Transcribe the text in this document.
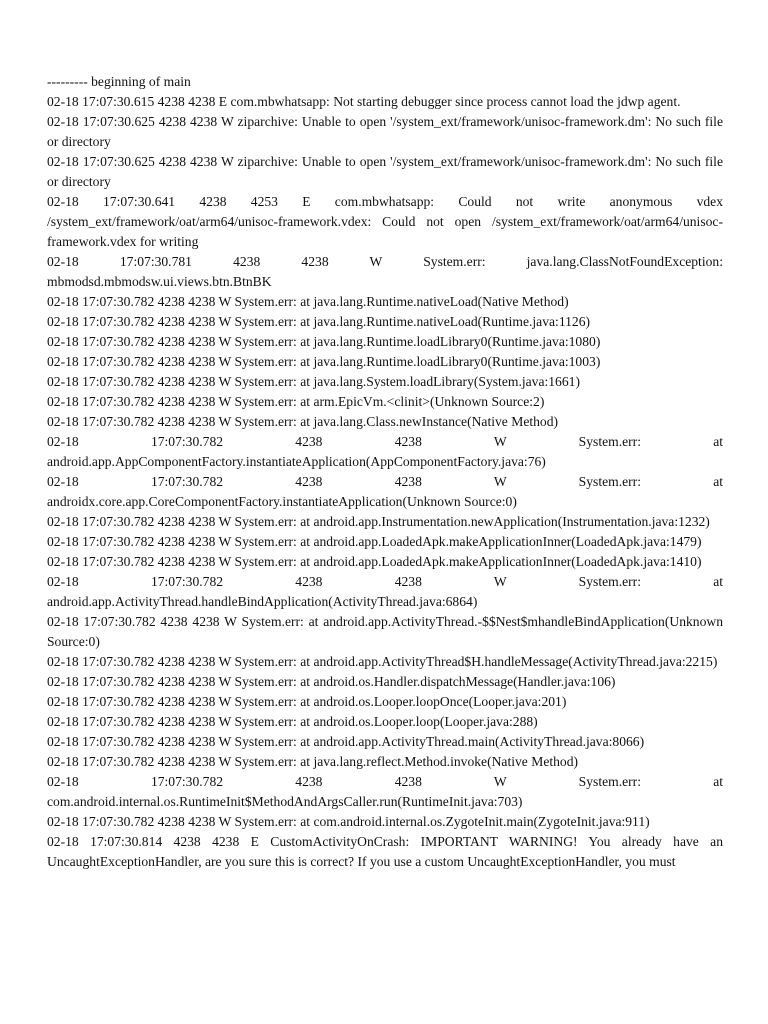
--------- beginning of main

02-18 17:07:30.615 4238 4238 E com.mbwhatsapp: Not starting debugger since process cannot load the jdwp agent.

02-18 17:07:30.625 4238 4238 W ziparchive: Unable to open '/system_ext/framework/unisoc-framework.dm': No such file or directory

02-18 17:07:30.625 4238 4238 W ziparchive: Unable to open '/system_ext/framework/unisoc-framework.dm': No such file or directory

02-18 17:07:30.641 4238 4253 E com.mbwhatsapp: Could not write anonymous vdex /system_ext/framework/oat/arm64/unisoc-framework.vdex: Could not open /system_ext/framework/oat/arm64/unisoc-framework.vdex for writing

02-18 17:07:30.781 4238 4238 W System.err: java.lang.ClassNotFoundException: mbmodsd.mbmodsw.ui.views.btn.BtnBK

02-18 17:07:30.782 4238 4238 W System.err: at java.lang.Runtime.nativeLoad(Native Method)

02-18 17:07:30.782 4238 4238 W System.err: at java.lang.Runtime.nativeLoad(Runtime.java:1126)

02-18 17:07:30.782 4238 4238 W System.err: at java.lang.Runtime.loadLibrary0(Runtime.java:1080)

02-18 17:07:30.782 4238 4238 W System.err: at java.lang.Runtime.loadLibrary0(Runtime.java:1003)

02-18 17:07:30.782 4238 4238 W System.err: at java.lang.System.loadLibrary(System.java:1661)

02-18 17:07:30.782 4238 4238 W System.err: at arm.EpicVm.<clinit>(Unknown Source:2)

02-18 17:07:30.782 4238 4238 W System.err: at java.lang.Class.newInstance(Native Method)

02-18 17:07:30.782 4238 4238 W System.err: at android.app.AppComponentFactory.instantiateApplication(AppComponentFactory.java:76)

02-18 17:07:30.782 4238 4238 W System.err: at androidx.core.app.CoreComponentFactory.instantiateApplication(Unknown Source:0)

02-18 17:07:30.782 4238 4238 W System.err: at android.app.Instrumentation.newApplication(Instrumentation.java:1232)

02-18 17:07:30.782 4238 4238 W System.err: at android.app.LoadedApk.makeApplicationInner(LoadedApk.java:1479)

02-18 17:07:30.782 4238 4238 W System.err: at android.app.LoadedApk.makeApplicationInner(LoadedApk.java:1410)

02-18 17:07:30.782 4238 4238 W System.err: at android.app.ActivityThread.handleBindApplication(ActivityThread.java:6864)

02-18 17:07:30.782 4238 4238 W System.err: at android.app.ActivityThread.-$$Nest$mhandleBindApplication(Unknown Source:0)

02-18 17:07:30.782 4238 4238 W System.err: at android.app.ActivityThread$H.handleMessage(ActivityThread.java:2215)

02-18 17:07:30.782 4238 4238 W System.err: at android.os.Handler.dispatchMessage(Handler.java:106)

02-18 17:07:30.782 4238 4238 W System.err: at android.os.Looper.loopOnce(Looper.java:201)

02-18 17:07:30.782 4238 4238 W System.err: at android.os.Looper.loop(Looper.java:288)

02-18 17:07:30.782 4238 4238 W System.err: at android.app.ActivityThread.main(ActivityThread.java:8066)

02-18 17:07:30.782 4238 4238 W System.err: at java.lang.reflect.Method.invoke(Native Method)

02-18 17:07:30.782 4238 4238 W System.err: at com.android.internal.os.RuntimeInit$MethodAndArgsCaller.run(RuntimeInit.java:703)

02-18 17:07:30.782 4238 4238 W System.err: at com.android.internal.os.ZygoteInit.main(ZygoteInit.java:911)

02-18 17:07:30.814 4238 4238 E CustomActivityOnCrash: IMPORTANT WARNING! You already have an UncaughtExceptionHandler, are you sure this is correct? If you use a custom UncaughtExceptionHandler, you must
